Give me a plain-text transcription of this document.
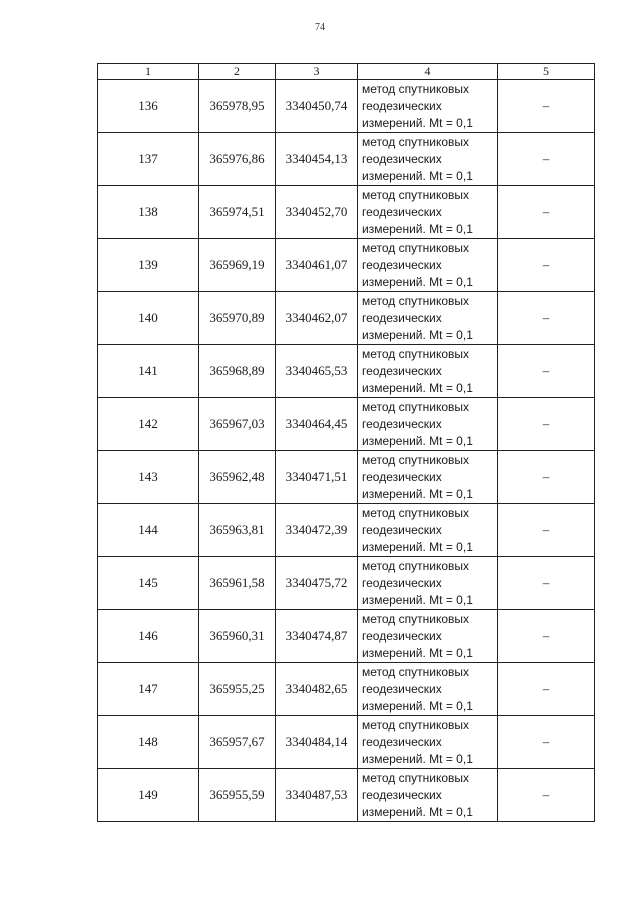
74
1	2	3	4	5
136	365978,95	3340450,74	метод спутниковых
геодезических
измерений. Mt = 0,1	–
137	365976,86	3340454,13	метод спутниковых
геодезических
измерений. Mt = 0,1	–
138	365974,51	3340452,70	метод спутниковых
геодезических
измерений. Mt = 0,1	–
139	365969,19	3340461,07	метод спутниковых
геодезических
измерений. Mt = 0,1	–
140	365970,89	3340462,07	метод спутниковых
геодезических
измерений. Mt = 0,1	–
141	365968,89	3340465,53	метод спутниковых
геодезических
измерений. Mt = 0,1	–
142	365967,03	3340464,45	метод спутниковых
геодезических
измерений. Mt = 0,1	–
143	365962,48	3340471,51	метод спутниковых
геодезических
измерений. Mt = 0,1	–
144	365963,81	3340472,39	метод спутниковых
геодезических
измерений. Mt = 0,1	–
145	365961,58	3340475,72	метод спутниковых
геодезических
измерений. Mt = 0,1	–
146	365960,31	3340474,87	метод спутниковых
геодезических
измерений. Mt = 0,1	–
147	365955,25	3340482,65	метод спутниковых
геодезических
измерений. Mt = 0,1	–
148	365957,67	3340484,14	метод спутниковых
геодезических
измерений. Mt = 0,1	–
149	365955,59	3340487,53	метод спутниковых
геодезических
измерений. Mt = 0,1	–
